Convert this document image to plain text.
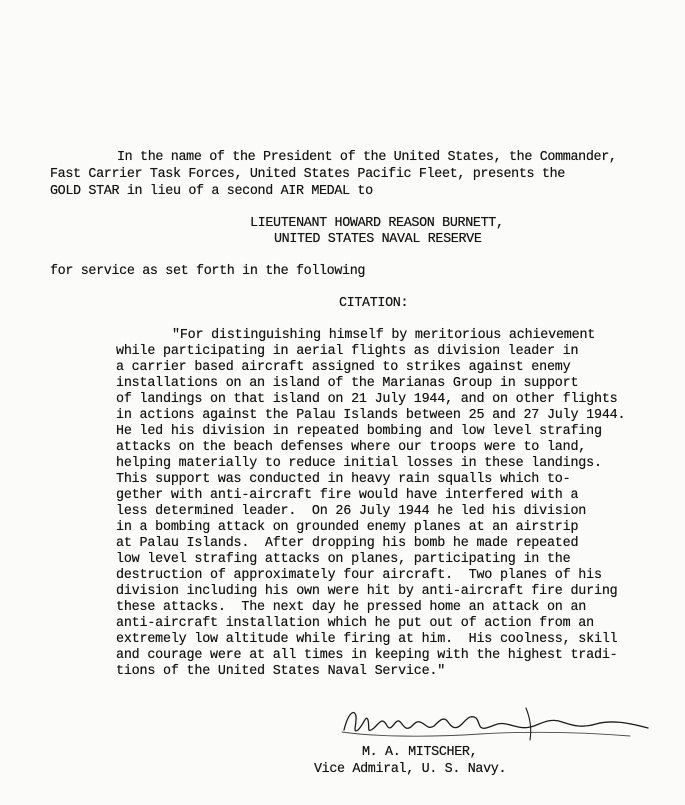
In the name of the President of the United States, the Commander,
Fast Carrier Task Forces, United States Pacific Fleet, presents the
GOLD STAR in lieu of a second AIR MEDAL to
LIEUTENANT HOWARD REASON BURNETT,
UNITED STATES NAVAL RESERVE
for service as set forth in the following
CITATION:
"For distinguishing himself by meritorious achievement
while participating in aerial flights as division leader in
a carrier based aircraft assigned to strikes against enemy
installations on an island of the Marianas Group in support
of landings on that island on 21 July 1944, and on other flights
in actions against the Palau Islands between 25 and 27 July 1944.
He led his division in repeated bombing and low level strafing
attacks on the beach defenses where our troops were to land,
helping materially to reduce initial losses in these landings.
This support was conducted in heavy rain squalls which to-
gether with anti-aircraft fire would have interfered with a
less determined leader.  On 26 July 1944 he led his division
in a bombing attack on grounded enemy planes at an airstrip
at Palau Islands.  After dropping his bomb he made repeated
low level strafing attacks on planes, participating in the
destruction of approximately four aircraft.  Two planes of his
division including his own were hit by anti-aircraft fire during
these attacks.  The next day he pressed home an attack on an
anti-aircraft installation which he put out of action from an
extremely low altitude while firing at him.  His coolness, skill
and courage were at all times in keeping with the highest tradi-
tions of the United States Naval Service."
M. A. MITSCHER,
Vice Admiral, U. S. Navy.
